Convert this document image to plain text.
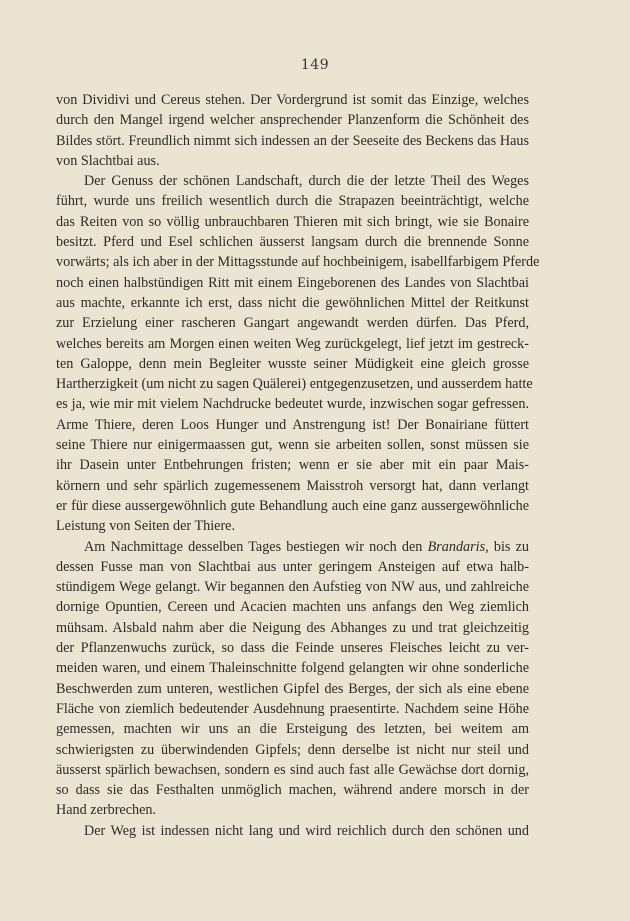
149
von Dividivi und Cereus stehen. Der Vordergrund ist somit das Einzige, welches
durch den Mangel irgend welcher ansprechender Planzenform die Schönheit des
Bildes stört. Freundlich nimmt sich indessen an der Seeseite des Beckens das Haus
von Slachtbai aus.
Der Genuss der schönen Landschaft, durch die der letzte Theil des Weges
führt, wurde uns freilich wesentlich durch die Strapazen beeinträchtigt, welche
das Reiten von so völlig unbrauchbaren Thieren mit sich bringt, wie sie Bonaire
besitzt. Pferd und Esel schlichen äusserst langsam durch die brennende Sonne
vorwärts; als ich aber in der Mittagsstunde auf hochbeinigem, isabellfarbigem Pferde
noch einen halbstündigen Ritt mit einem Eingeborenen des Landes von Slachtbai
aus machte, erkannte ich erst, dass nicht die gewöhnlichen Mittel der Reitkunst
zur Erzielung einer rascheren Gangart angewandt werden dürfen. Das Pferd,
welches bereits am Morgen einen weiten Weg zurückgelegt, lief jetzt im gestreck-
ten Galoppe, denn mein Begleiter wusste seiner Müdigkeit eine gleich grosse
Hartherzigkeit (um nicht zu sagen Quälerei) entgegenzusetzen, und ausserdem hatte
es ja, wie mir mit vielem Nachdrucke bedeutet wurde, inzwischen sogar gefressen.
Arme Thiere, deren Loos Hunger und Anstrengung ist! Der Bonairiane füttert
seine Thiere nur einigermaassen gut, wenn sie arbeiten sollen, sonst müssen sie
ihr Dasein unter Entbehrungen fristen; wenn er sie aber mit ein paar Mais-
körnern und sehr spärlich zugemessenem Maisstroh versorgt hat, dann verlangt
er für diese aussergewöhnlich gute Behandlung auch eine ganz aussergewöhnliche
Leistung von Seiten der Thiere.
Am Nachmittage desselben Tages bestiegen wir noch den Brandaris, bis zu
dessen Fusse man von Slachtbai aus unter geringem Ansteigen auf etwa halb-
stündigem Wege gelangt. Wir begannen den Aufstieg von NW aus, und zahlreiche
dornige Opuntien, Cereen und Acacien machten uns anfangs den Weg ziemlich
mühsam. Alsbald nahm aber die Neigung des Abhanges zu und trat gleichzeitig
der Pflanzenwuchs zurück, so dass die Feinde unseres Fleisches leicht zu ver-
meiden waren, und einem Thaleinschnitte folgend gelangten wir ohne sonderliche
Beschwerden zum unteren, westlichen Gipfel des Berges, der sich als eine ebene
Fläche von ziemlich bedeutender Ausdehnung praesentirte. Nachdem seine Höhe
gemessen, machten wir uns an die Ersteigung des letzten, bei weitem am
schwierigsten zu überwindenden Gipfels; denn derselbe ist nicht nur steil und
äusserst spärlich bewachsen, sondern es sind auch fast alle Gewächse dort dornig,
so dass sie das Festhalten unmöglich machen, während andere morsch in der
Hand zerbrechen.
Der Weg ist indessen nicht lang und wird reichlich durch den schönen und
